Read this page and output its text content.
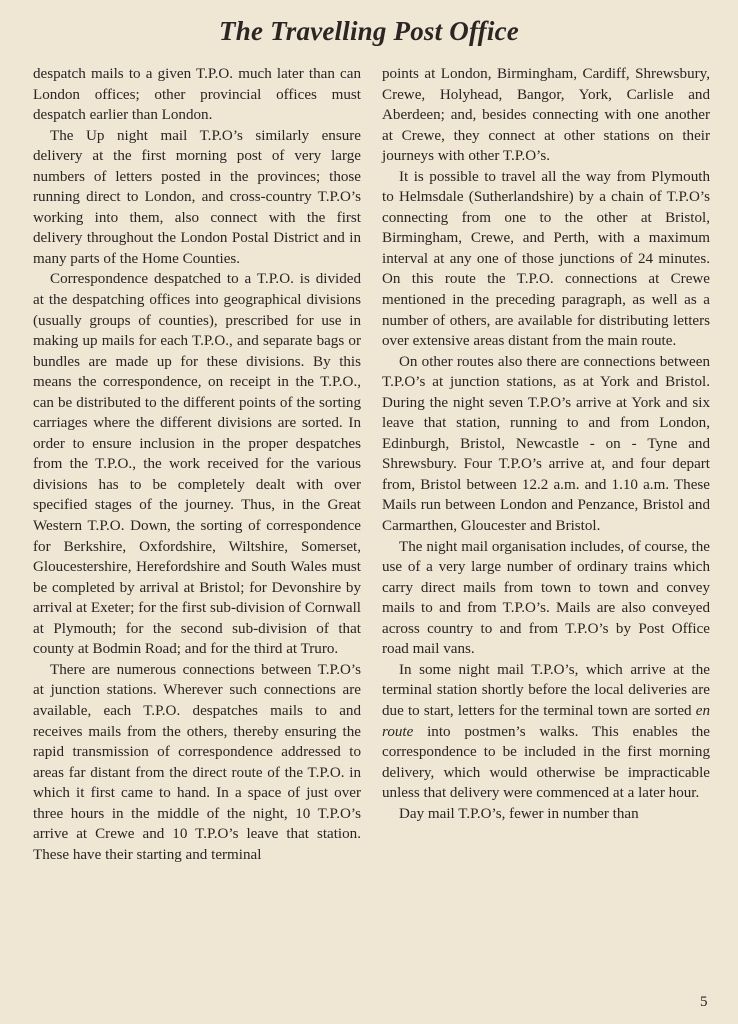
The Travelling Post Office

despatch mails to a given T.P.O. much later than can London offices; other provincial offices must despatch earlier than London.

The Up night mail T.P.O’s similarly ensure delivery at the first morning post of very large numbers of letters posted in the provinces; those running direct to London, and cross-country T.P.O’s working into them, also connect with the first delivery throughout the London Postal District and in many parts of the Home Counties.

Correspondence despatched to a T.P.O. is divided at the despatching offices into geographical divisions (usually groups of counties), prescribed for use in making up mails for each T.P.O., and separate bags or bundles are made up for these divisions. By this means the correspondence, on receipt in the T.P.O., can be distributed to the different points of the sorting carriages where the different divisions are sorted. In order to ensure inclusion in the proper despatches from the T.P.O., the work received for the various divisions has to be completely dealt with over specified stages of the journey. Thus, in the Great Western T.P.O. Down, the sorting of correspondence for Berkshire, Oxfordshire, Wiltshire, Somerset, Gloucestershire, Herefordshire and South Wales must be completed by arrival at Bristol; for Devonshire by arrival at Exeter; for the first sub-division of Cornwall at Plymouth; for the second sub-division of that county at Bodmin Road; and for the third at Truro.

There are numerous connections between T.P.O’s at junction stations. Wherever such connections are available, each T.P.O. despatches mails to and receives mails from the others, thereby ensuring the rapid transmission of correspondence addressed to areas far distant from the direct route of the T.P.O. in which it first came to hand. In a space of just over three hours in the middle of the night, 10 T.P.O’s arrive at Crewe and 10 T.P.O’s leave that station. These have their starting and terminal

points at London, Birmingham, Cardiff, Shrewsbury, Crewe, Holyhead, Bangor, York, Carlisle and Aberdeen; and, besides connecting with one another at Crewe, they connect at other stations on their journeys with other T.P.O’s.

It is possible to travel all the way from Plymouth to Helmsdale (Sutherlandshire) by a chain of T.P.O’s connecting from one to the other at Bristol, Birmingham, Crewe, and Perth, with a maximum interval at any one of those junctions of 24 minutes. On this route the T.P.O. connections at Crewe mentioned in the preceding paragraph, as well as a number of others, are available for distributing letters over extensive areas distant from the main route.

On other routes also there are connections between T.P.O’s at junction stations, as at York and Bristol. During the night seven T.P.O’s arrive at York and six leave that station, running to and from London, Edinburgh, Bristol, Newcastle - on - Tyne and Shrewsbury. Four T.P.O’s arrive at, and four depart from, Bristol between 12.2 a.m. and 1.10 a.m. These Mails run between London and Penzance, Bristol and Carmarthen, Gloucester and Bristol.

The night mail organisation includes, of course, the use of a very large number of ordinary trains which carry direct mails from town to town and convey mails to and from T.P.O’s. Mails are also conveyed across country to and from T.P.O’s by Post Office road mail vans.

In some night mail T.P.O’s, which arrive at the terminal station shortly before the local deliveries are due to start, letters for the terminal town are sorted en route into postmen’s walks. This enables the correspondence to be included in the first morning delivery, which would otherwise be impracticable unless that delivery were commenced at a later hour.

Day mail T.P.O’s, fewer in number than

5
